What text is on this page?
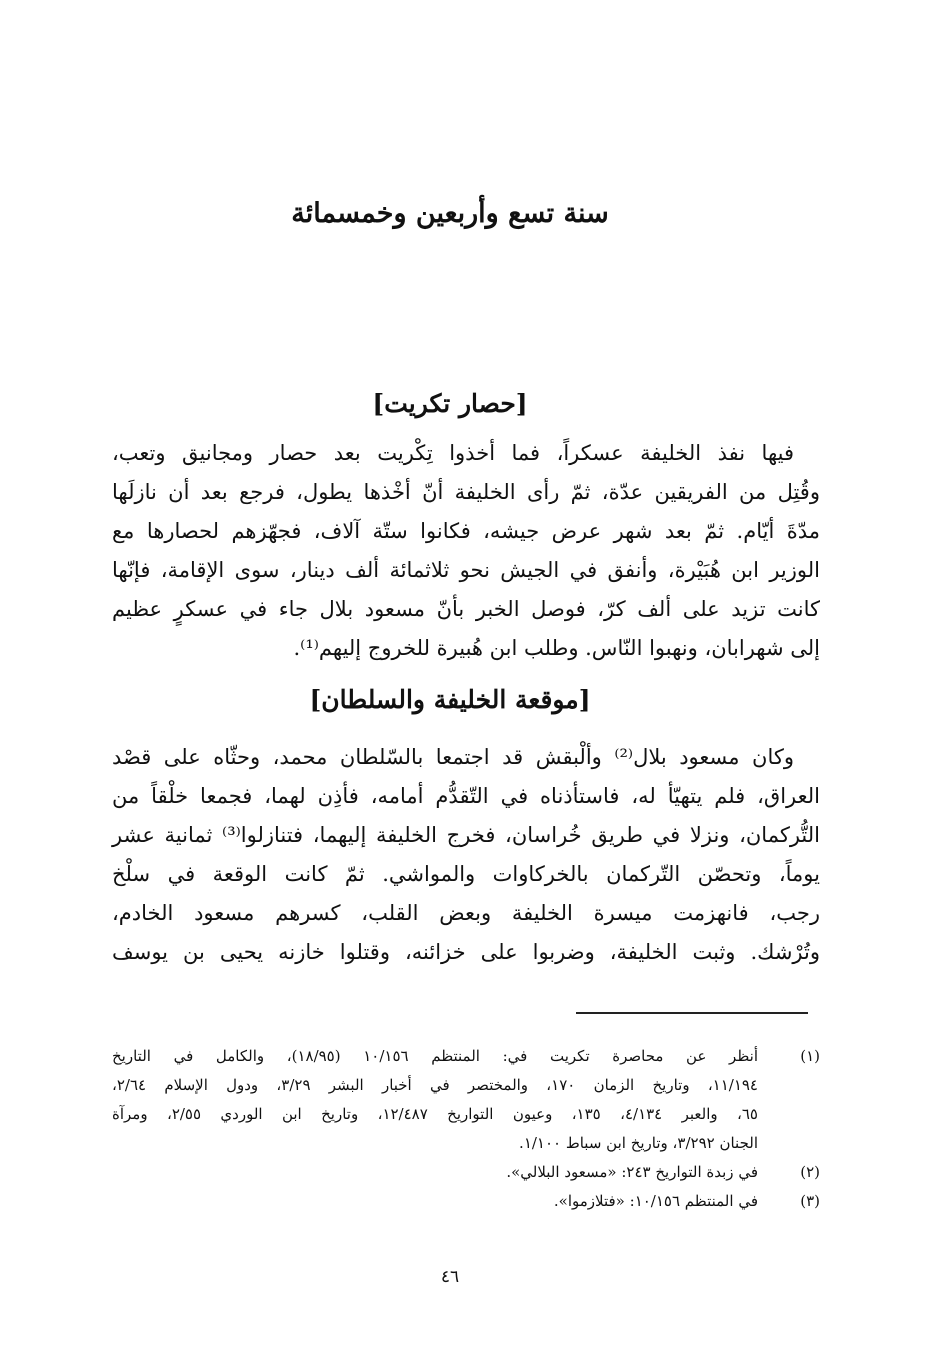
سنة تسع وأربعين وخمسمائة
[حصار تكريت]
فيها نفذ الخليفة عسكراً، فما أخذوا تِكْريت بعد حصار ومجانيق وتعب،
وقُتِل من الفريقين عدّة، ثمّ رأى الخليفة أنّ أخْذها يطول، فرجع بعد أن نازلَها
مدّةَ أيّام. ثمّ بعد شهر عرض جيشه، فكانوا ستّة آلاف، فجهّزهم لحصارها مع
الوزير ابن هُبَيْرة، وأنفق في الجيش نحو ثلاثمائة ألف دينار، سوى الإقامة، فإنّها
كانت تزيد على ألف كرّ، فوصل الخبر بأنّ مسعود بلال جاء في عسكرٍ عظيم
إلى شهرابان، ونهبوا النّاس. وطلب ابن هُبيرة للخروج إليهم⁽¹⁾.
[موقعة الخليفة والسلطان]
وكان مسعود بلال⁽²⁾ وألْبقش قد اجتمعا بالسّلطان محمد، وحثّاه على قصْد
العراق، فلم يتهيّأ له، فاستأذناه في التّقدُّم أمامه، فأذِن لهما، فجمعا خلْقاً من
التُّركمان، ونزلا في طريق خُراسان، فخرج الخليفة إليهما، فتنازلوا⁽³⁾ ثمانية عشر
يوماً، وتحصّن التّركمان بالخركاوات والمواشي. ثمّ كانت الوقعة في سلْخ
رجب، فانهزمت ميسرة الخليفة وبعض القلب، كسرهم مسعود الخادم،
وتُرْشك. وثبت الخليفة، وضربوا على خزائنه، وقتلوا خازنه يحيى بن يوسف
(١)
أنظر عن محاصرة تكريت في: المنتظم ١٠/١٥٦ (١٨/٩٥)، والكامل في التاريخ
١١/١٩٤، وتاريخ الزمان ١٧٠، والمختصر في أخبار البشر ٣/٢٩، ودول الإسلام ٢/٦٤،
٦٥، والعبر ٤/١٣٤، ١٣٥، وعيون التواريخ ١٢/٤٨٧، وتاريخ ابن الوردي ٢/٥٥، ومرآة
الجنان ٣/٢٩٢، وتاريخ ابن سباط ١/١٠٠.
(٢)
في زبدة التواريخ ٢٤٣: «مسعود البلالي».
(٣)
في المنتظم ١٠/١٥٦: «فتلازموا».
٤٦
